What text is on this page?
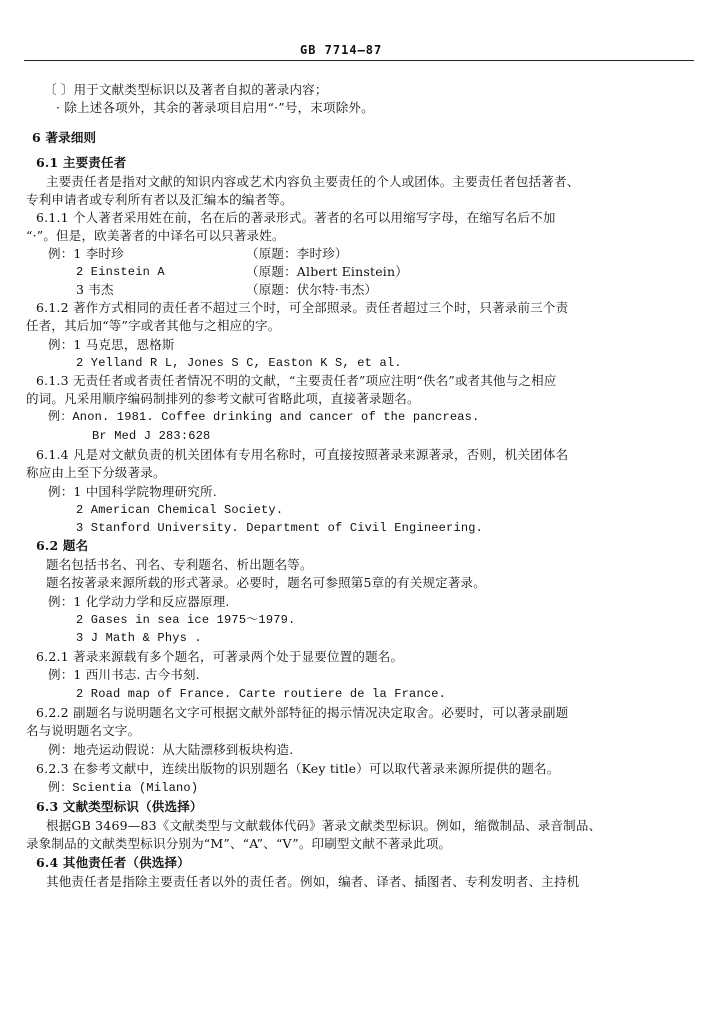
GB 7714—87
〔 〕用于文献类型标识以及著者自拟的著录内容；
· 除上述各项外，其余的著录项目启用“·”号，末项除外。
6 著录细则
6.1 主要责任者
主要责任者是指对文献的知识内容或艺术内容负主要责任的个人或团体。主要责任者包括著者、
专利申请者或专利所有者以及汇编本的编者等。
6.1.1 个人著者采用姓在前，名在后的著录形式。著者的名可以用缩写字母，在缩写名后不加
“·”。但是，欧美著者的中译名可以只著录姓。
例：1 李时珍	（原题：李时珍）
2 Einstein A	（原题：Albert Einstein）
3 韦杰	（原题：伏尔特·韦杰）
6.1.2 著作方式相同的责任者不超过三个时，可全部照录。责任者超过三个时，只著录前三个责
任者，其后加“等”字或者其他与之相应的字。
例：1 马克思，恩格斯
2 Yelland R L, Jones S C, Easton K S, et al.
6.1.3 无责任者或者责任者情况不明的文献，“主要责任者”项应注明“佚名”或者其他与之相应
的词。凡采用顺序编码制排列的参考文献可省略此项，直接著录题名。
例：Anon. 1981. Coffee drinking and cancer of the pancreas.
Br Med J 283:628
6.1.4 凡是对文献负责的机关团体有专用名称时，可直接按照著录来源著录，否则，机关团体名
称应由上至下分级著录。
例：1 中国科学院物理研究所.
2 American Chemical Society.
3 Stanford University. Department of Civil Engineering.
6.2 题名
题名包括书名、刊名、专利题名、析出题名等。
题名按著录来源所载的形式著录。必要时，题名可参照第5章的有关规定著录。
例：1 化学动力学和反应器原理.
2 Gases in sea ice 1975～1979.
3 J Math & Phys .
6.2.1 著录来源载有多个题名，可著录两个处于显要位置的题名。
例：1 西川书志. 古今书刻.
2 Road map of France. Carte routiere de la France.
6.2.2 副题名与说明题名文字可根据文献外部特征的揭示情况决定取舍。必要时，可以著录副题
名与说明题名文字。
例：地壳运动假说：从大陆漂移到板块构造.
6.2.3 在参考文献中，连续出版物的识别题名（Key title）可以取代著录来源所提供的题名。
例：Scientia (Milano)
6.3 文献类型标识（供选择）
根据GB 3469—83《文献类型与文献载体代码》著录文献类型标识。例如，缩微制品、录音制品、
录象制品的文献类型标识分别为“M”、“A”、“V”。印刷型文献不著录此项。
6.4 其他责任者（供选择）
其他责任者是指除主要责任者以外的责任者。例如，编者、译者、插图者、专利发明者、主持机
